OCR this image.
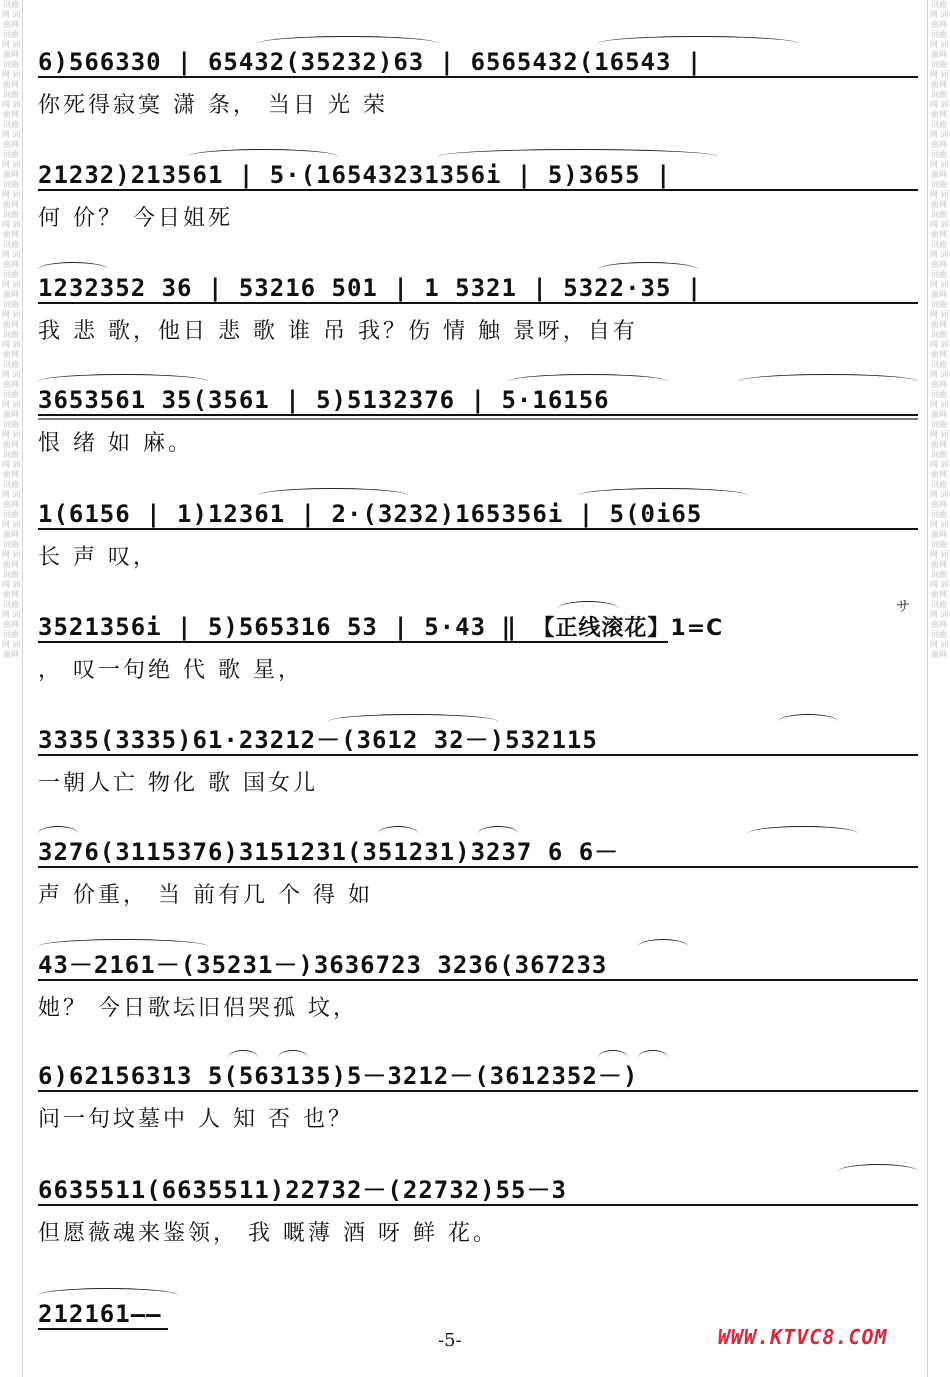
词曲网 词曲网 词曲网 词曲网 词曲网 词曲网 词曲网 词曲网 词曲网 词曲网 词曲网 词曲网 词曲网 词曲网 词曲网 词曲网 词曲网 词曲网 词曲网 词曲网 词曲网 词曲网 词曲网 词曲网 词曲网 词曲网 词曲网 词曲网 词曲网 词曲网 词曲网 词曲网 词曲网 词曲网 词曲网 词曲网 词曲网 词曲网 词曲网 词曲网 词曲网 词曲网 词曲网 词曲网
词曲网 词曲网 词曲网 词曲网 词曲网 词曲网 词曲网 词曲网 词曲网 词曲网 词曲网 词曲网 词曲网 词曲网 词曲网 词曲网 词曲网 词曲网 词曲网 词曲网 词曲网 词曲网 词曲网 词曲网 词曲网 词曲网 词曲网 词曲网 词曲网 词曲网 词曲网 词曲网 词曲网 词曲网 词曲网 词曲网 词曲网 词曲网 词曲网 词曲网 词曲网 词曲网 词曲网 词曲网
6)566330 | 65432(35232)63 | 6565432(16543 |
你死得寂寞 潇 条， 当日 光 荣
21232)213561 | 5·(16543231356i | 5)3655 |
何 价？ 今日姐死
1232352 36 | 53216 501 | 1 5321 | 5322·35 |
我 悲 歌，他日 悲 歌 谁 吊 我？伤 情 触 景呀，自有
3653561 35(3561 | 5)5132376 | 5·16156
恨 绪 如 麻。
1(6156 | 1)12361 | 2·(3232)165356i | 5(0i65
长 声 叹，
3521356i | 5)565316 53 | 5·43 ‖ 【正线滚花】1=C
， 叹一句绝 代 歌 星，
3335(3335)61·23212－(3612 32－)532115
一朝人亡 物化 歌 国女儿
3276(3115376)3151231(351231)3237 6 6－
声 价重， 当 前有几 个 得 如
43－2161－(35231－)3636723 3236(367233
她？ 今日歌坛旧侣哭孤 坟，
6)62156313 5(563135)5－3212－(3612352－)
问一句坟墓中 人 知 否 也？
6635511(6635511)22732－(22732)55－3
但愿薇魂来鉴领， 我 嘅薄 酒 呀 鲜 花。
212161——
サ
-5-	WWW.KTVC8.COM
